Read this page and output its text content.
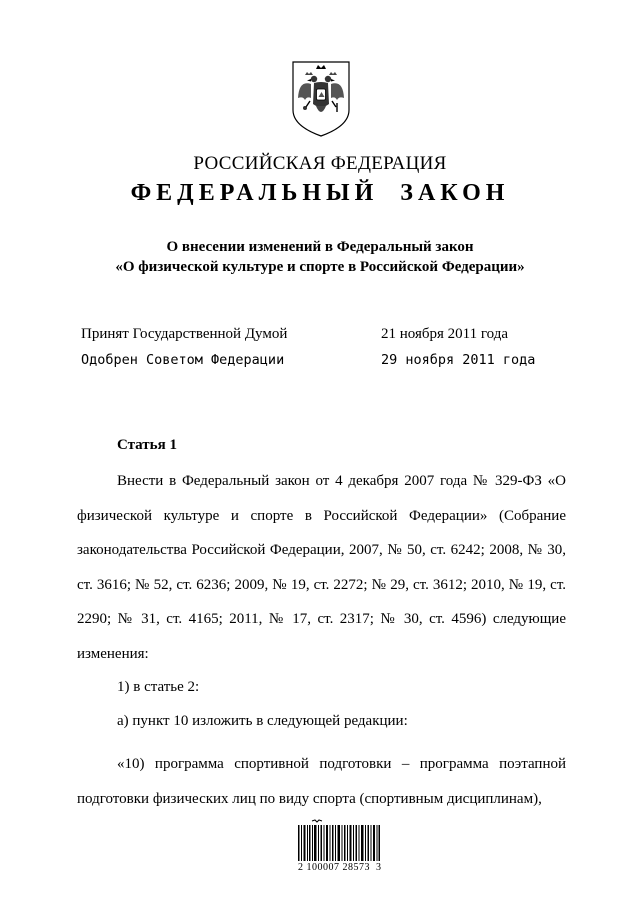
РОССИЙСКАЯ ФЕДЕРАЦИЯ
ФЕДЕРАЛЬНЫЙ  ЗАКОН
О внесении изменений в Федеральный закон
«О физической культуре и спорте в Российской Федерации»
Принят Государственной Думой	21 ноября 2011 года
Одобрен Советом Федерации	29 ноября 2011 года
Статья 1
Внести в Федеральный закон от 4 декабря 2007 года № 329-ФЗ «О физической культуре и спорте в Российской Федерации» (Собрание законодательства Российской Федерации, 2007, № 50, ст. 6242; 2008, № 30, ст. 3616; № 52, ст. 6236; 2009, № 19, ст. 2272; № 29, ст. 3612; 2010, № 19, ст. 2290; № 31, ст. 4165; 2011, № 17, ст. 2317; № 30, ст. 4596) следующие изменения:
1) в статье 2:
а) пункт 10 изложить в следующей редакции:
«10) программа спортивной подготовки – программа поэтапной подготовки физических лиц по виду спорта (спортивным дисциплинам),
2 100007 28573  3
